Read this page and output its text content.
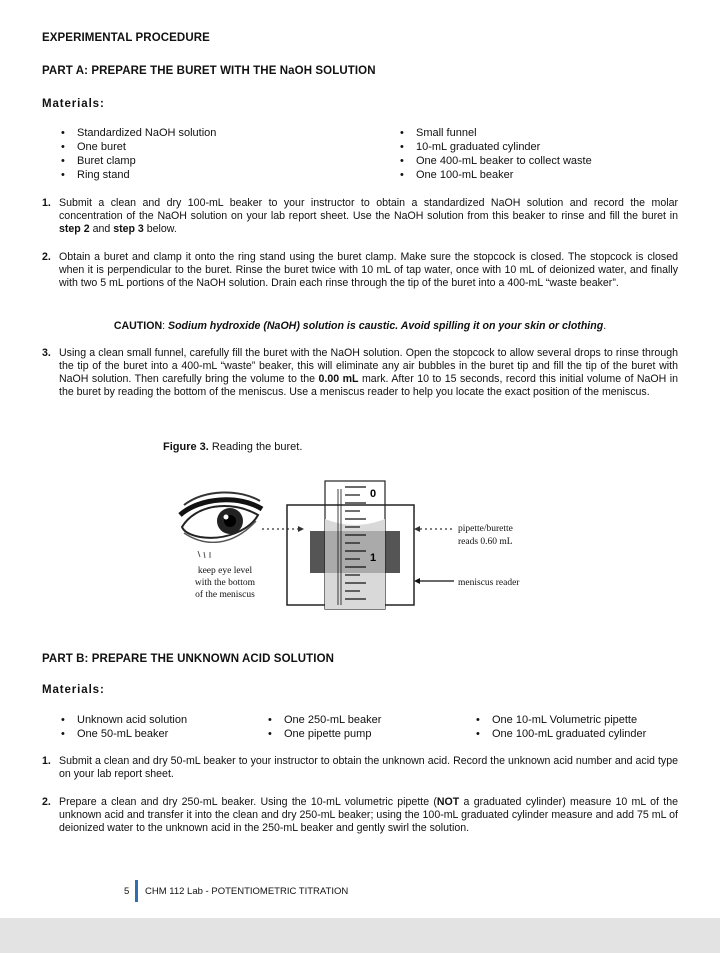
EXPERIMENTAL PROCEDURE
PART A: PREPARE THE BURET WITH THE NaOH SOLUTION
Materials:
• Standardized NaOH solution
• One buret
• Buret clamp
• Ring stand
• Small funnel
• 10-mL graduated cylinder
• One 400-mL beaker to collect waste
• One 100-mL beaker
1. Submit a clean and dry 100-mL beaker to your instructor to obtain a standardized NaOH solution and record the molar concentration of the NaOH solution on your lab report sheet. Use the NaOH solution from this beaker to rinse and fill the buret in step 2 and step 3 below.
2. Obtain a buret and clamp it onto the ring stand using the buret clamp. Make sure the stopcock is closed. The stopcock is closed when it is perpendicular to the buret. Rinse the buret twice with 10 mL of tap water, once with 10 mL of deionized water, and finally with two 5 mL portions of the NaOH solution. Drain each rinse through the tip of the buret into a 400-mL “waste beaker”.
CAUTION: Sodium hydroxide (NaOH) solution is caustic. Avoid spilling it on your skin or clothing.
3. Using a clean small funnel, carefully fill the buret with the NaOH solution. Open the stopcock to allow several drops to rinse through the tip of the buret into a 400-mL “waste” beaker, this will eliminate any air bubbles in the buret tip and fill the tip of the buret with NaOH solution. Then carefully bring the volume to the 0.00 mL mark. After 10 to 15 seconds, record this initial volume of NaOH in the buret by reading the bottom of the meniscus. Use a meniscus reader to help you locate the exact position of the meniscus.
Figure 3. Reading the buret.
0
1
pipette/burette
reads 0.60 mL
meniscus reader
keep eye level
with the bottom
of the meniscus
PART B: PREPARE THE UNKNOWN ACID SOLUTION
Materials:
• Unknown acid solution
• One 50-mL beaker
• One 250-mL beaker
• One pipette pump
• One 10-mL Volumetric pipette
• One 100-mL graduated cylinder
1. Submit a clean and dry 50-mL beaker to your instructor to obtain the unknown acid. Record the unknown acid number and acid type on your lab report sheet.
2. Prepare a clean and dry 250-mL beaker. Using the 10-mL volumetric pipette (NOT a graduated cylinder) measure 10 mL of the unknown acid and transfer it into the clean and dry 250-mL beaker; using the 100-mL graduated cylinder measure and add 75 mL of deionized water to the unknown acid in the 250-mL beaker and gently swirl the solution.
5 CHM 112 Lab - POTENTIOMETRIC TITRATION
